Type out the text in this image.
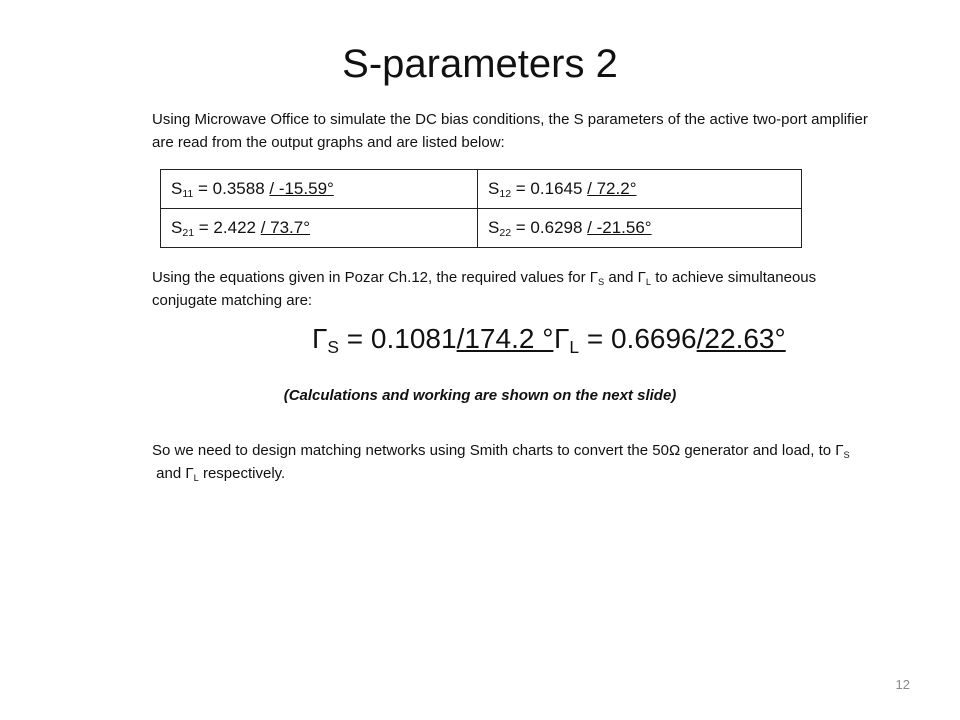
S-parameters 2

Using Microwave Office to simulate the DC bias conditions, the S parameters of the active two-port amplifier are read from the output graphs and are listed below:

$S_{11} = 0.3588 / -15.59^\circ$	$S_{12} = 0.1645 / 72.2^\circ$
$S_{21} = 2.422 / 73.7^\circ$	$S_{22} = 0.6298 / -21.56^\circ$

Using the equations given in Pozar Ch.12, the required values for $\Gamma_S$ and $\Gamma_L$ to achieve simultaneous conjugate matching are:

$\Gamma_S = 0.1081/174.2$ ° $\Gamma_L = 0.6696/22.63^\circ$

(Calculations and working are shown on the next slide)

So we need to design matching networks using Smith charts to convert the 50Ω generator and load, to $\Gamma_S$ and $\Gamma_L$ respectively.

12
